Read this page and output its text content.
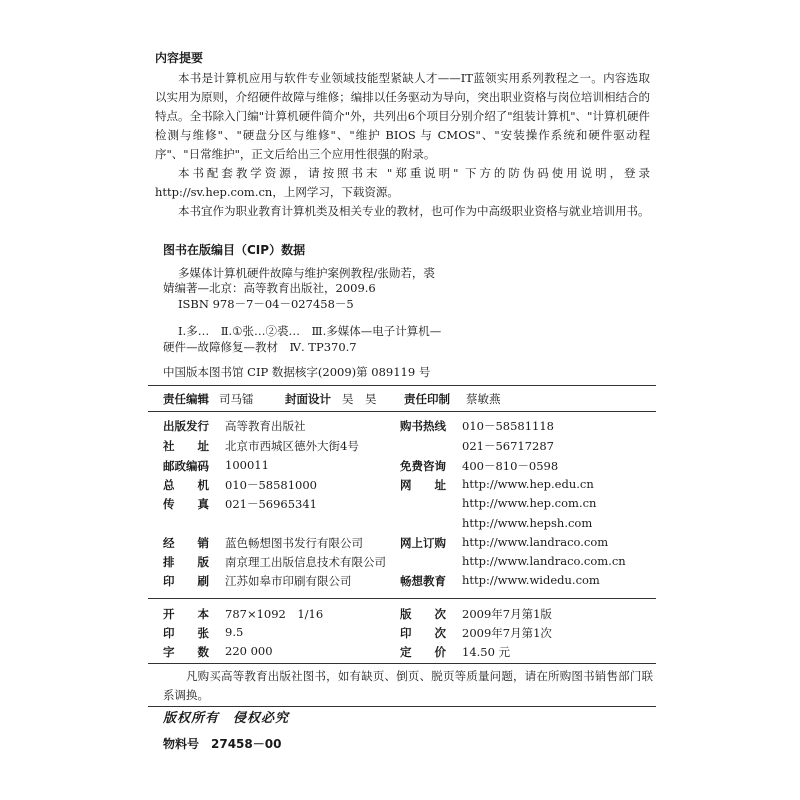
内容提要
本书是计算机应用与软件专业领域技能型紧缺人才——IT蓝领实用系列教程之一。内容选取以实用为原则，介绍硬件故障与维修；编排以任务驱动为导向，突出职业资格与岗位培训相结合的特点。全书除入门编"计算机硬件简介"外，共列出6个项目分别介绍了"组装计算机"、"计算机硬件检测与维修"、"硬盘分区与维修"、"维护 BIOS 与 CMOS"、"安装操作系统和硬件驱动程序"、"日常维护"，正文后给出三个应用性很强的附录。
本书配套教学资源，请按照书末 "郑重说明" 下方的防伪码使用说明，登录 http://sv.hep.com.cn，上网学习，下载资源。
本书宜作为职业教育计算机类及相关专业的教材，也可作为中高级职业资格与就业培训用书。
图书在版编目（CIP）数据
多媒体计算机硬件故障与维护案例教程/张勋若，裘
婧编著—北京：高等教育出版社，2009.6
ISBN 978－7－04－027458－5
Ⅰ.多…　Ⅱ.①张…②裘…　Ⅲ.多媒体—电子计算机—
硬件—故障修复—教材　Ⅳ. TP370.7
中国版本图书馆 CIP 数据核字(2009)第 089119 号
责任编辑 司马镭	封面设计 吴　昊 责任印制 蔡敏燕
出版发行 高等教育出版社
社　　址 北京市西城区德外大街4号
邮政编码 100011
总　　机 010－58581000
传　　真 021－56965341
购书热线 010－58581118
021－56717287
免费咨询 400－810－0598
网　　址 http://www.hep.edu.cn
http://www.hep.com.cn
http://www.hepsh.com
经　　销 蓝色畅想图书发行有限公司
排　　版 南京理工出版信息技术有限公司
印　　刷 江苏如皋市印刷有限公司
网上订购 http://www.landraco.com
http://www.landraco.com.cn
畅想教育 http://www.widedu.com
开　　本 787×1092　1/16
印　　张 9.5
字　　数 220 000
版　　次 2009年7月第1版
印　　次 2009年7月第1次
定　　价 14.50 元
凡购买高等教育出版社图书，如有缺页、倒页、脱页等质量问题，请在所购图书销售部门联系调换。
版权所有　侵权必究
物料号　27458－00
